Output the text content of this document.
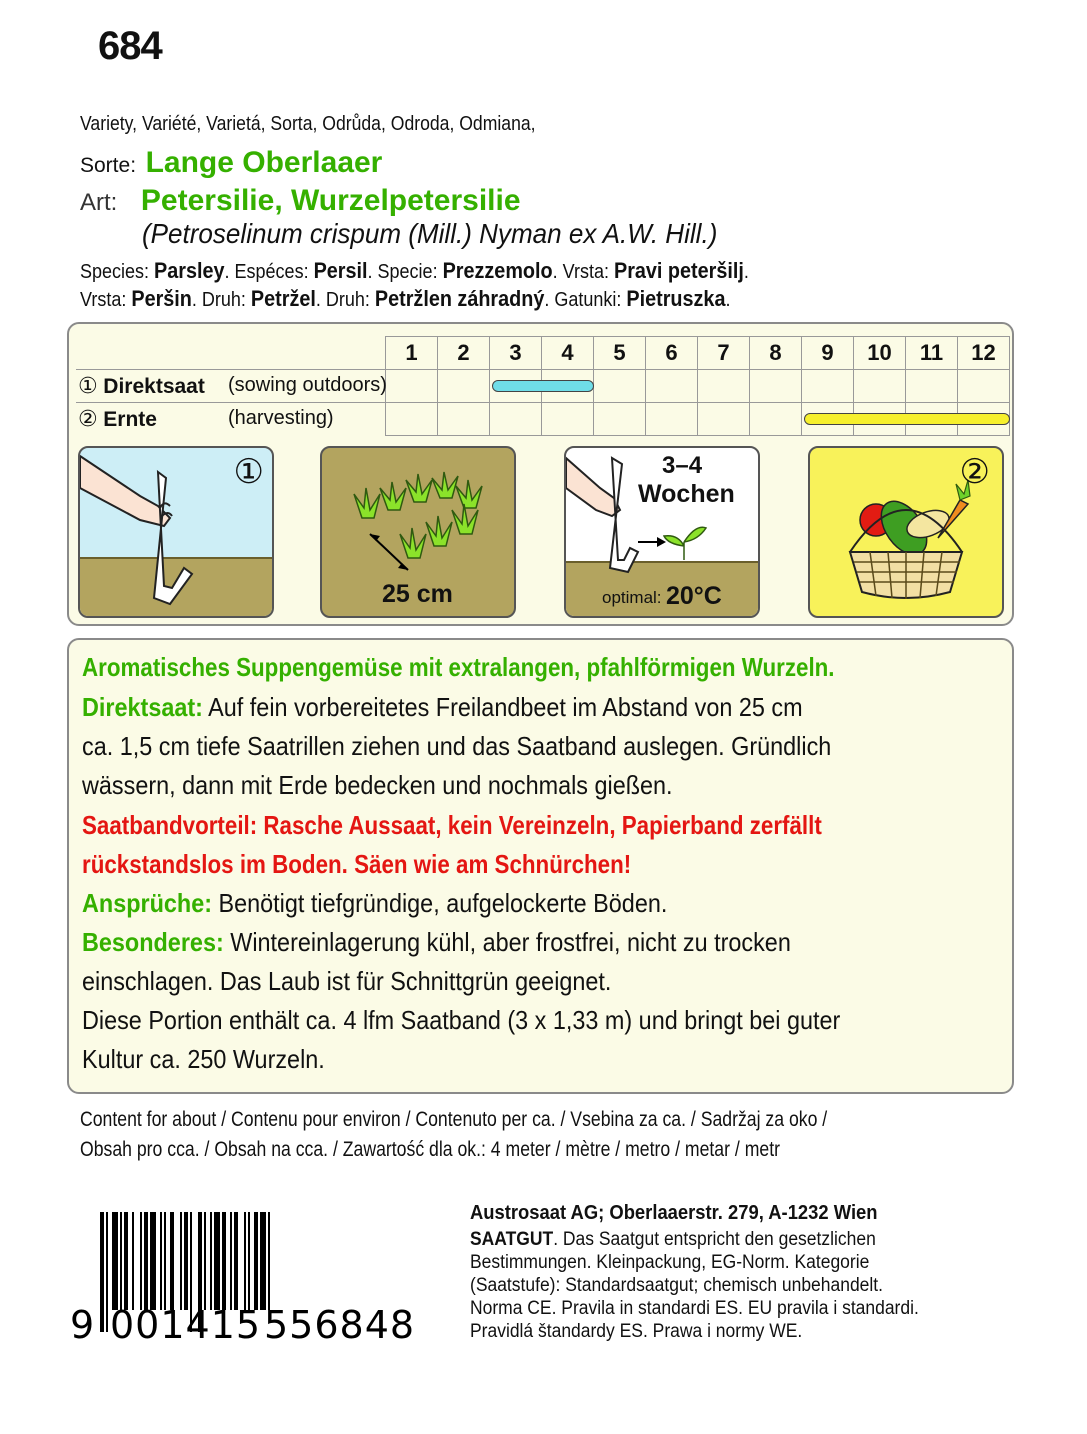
684
Variety, Variété, Varietá, Sorta, Odrůda, Odroda, Odmiana,
Sorte: Lange Oberlaaer
Art: Petersilie, Wurzelpetersilie
(Petroselinum crispum (Mill.) Nyman ex A.W. Hill.)
Species: Parsley. Espéces: Persil. Specie: Prezzemolo. Vrsta: Pravi peteršilj.
Vrsta: Peršin. Druh: Petržel. Druh: Petržlen záhradný. Gatunki: Pietruszka.
	1	2	3	4	5	6	7	8	9	10	11	12
① Direktsaat (sowing outdoors)												

② Ernte (harvesting)												

①
25 cm
3–4
Wochen
optimal: 20°C
②
Aromatisches Suppengemüse mit extralangen, pfahlförmigen Wurzeln.
Direktsaat: Auf fein vorbereitetes Freilandbeet im Abstand von 25 cm
ca. 1,5 cm tiefe Saatrillen ziehen und das Saatband auslegen. Gründlich
wässern, dann mit Erde bedecken und nochmals gießen.
Saatbandvorteil: Rasche Aussaat, kein Vereinzeln, Papierband zerfällt
rückstandslos im Boden. Säen wie am Schnürchen!
Ansprüche: Benötigt tiefgründige, aufgelockerte Böden.
Besonderes: Wintereinlagerung kühl, aber frostfrei, nicht zu trocken
einschlagen. Das Laub ist für Schnittgrün geeignet.
Diese Portion enthält ca. 4 lfm Saatband (3 x 1,33 m) und bringt bei guter
Kultur ca. 250 Wurzeln.
Content for about / Contenu pour environ / Contenuto per ca. / Vsebina za ca. / Sadržaj za oko /
Obsah pro cca. / Obsah na cca. / Zawartość dla ok.: 4 meter / mètre / metro / metar / metr
9 001415 556848
Austrosaat AG; Oberlaaerstr. 279, A-1232 Wien
SAATGUT. Das Saatgut entspricht den gesetzlichen
Bestimmungen. Kleinpackung, EG-Norm. Kategorie
(Saatstufe): Standardsaatgut; chemisch unbehandelt.
Norma CE. Pravila in standardi ES. EU pravila i standardi.
Pravidlá štandardy ES. Prawa i normy WE.
